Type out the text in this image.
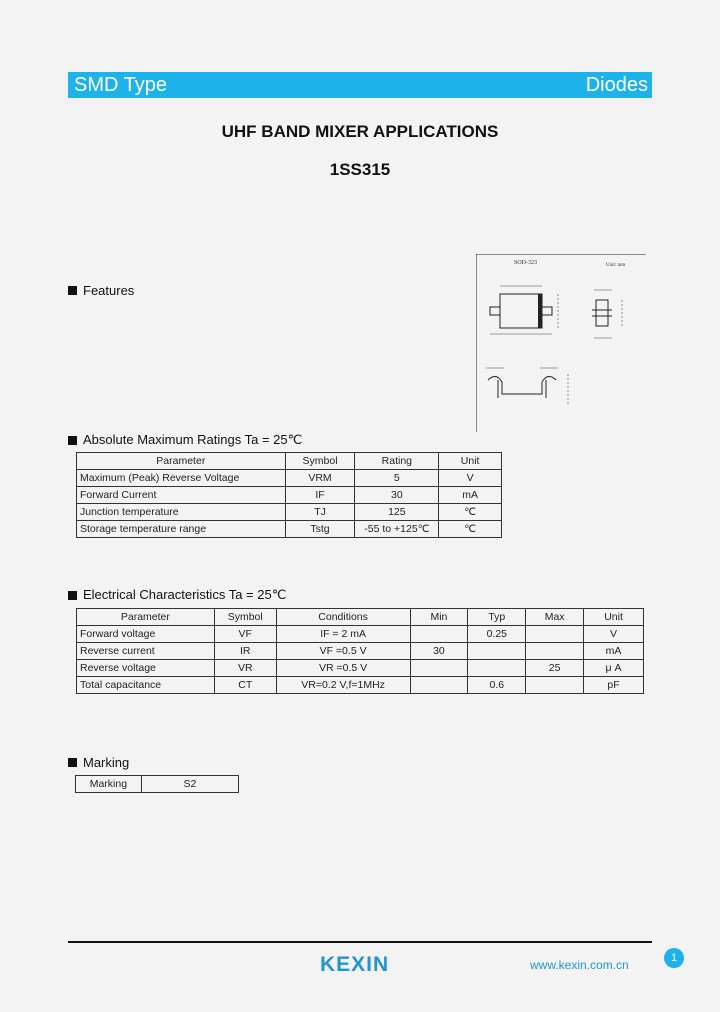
SMD Type	Diodes
UHF BAND MIXER APPLICATIONS
1SS315
Features
SOD-323	Unit: mm
Absolute Maximum Ratings Ta = 25℃
Parameter	Symbol	Rating	Unit
Maximum (Peak) Reverse Voltage	VRM	5	V
Forward Current	IF	30	mA
Junction temperature	TJ	125	℃
Storage temperature range	Tstg	-55 to +125℃	℃
Electrical Characteristics Ta = 25℃
Parameter	Symbol	Conditions	Min	Typ	Max	Unit
Forward voltage	VF	IF = 2 mA		0.25		V
Reverse current	IR	VF =0.5 V	30			mA
Reverse voltage	VR	VR =0.5 V			25	μ A
Total capacitance	CT	VR=0.2 V,f=1MHz		0.6		pF
Marking
Marking	S2
1
KEXIN	www.kexin.com.cn
